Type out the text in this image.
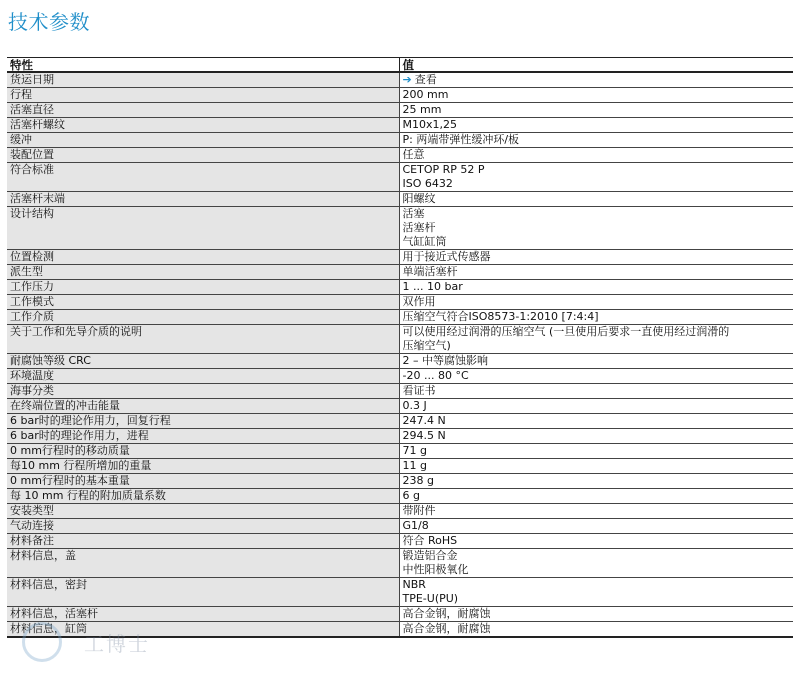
技术参数
特性	值
货运日期	➔ 查看

行程	200 mm

活塞直径	25 mm

活塞杆螺纹	M10x1,25

缓冲	P: 两端带弹性缓冲环/板

装配位置	任意

符合标准	CETOP RP 52 P
ISO 6432

活塞杆末端	阳螺纹

设计结构	活塞
活塞杆
气缸缸筒

位置检测	用于接近式传感器

派生型	单端活塞杆

工作压力	1 ... 10 bar

工作模式	双作用

工作介质	压缩空气符合ISO8573-1:2010 [7:4:4]

关于工作和先导介质的说明	可以使用经过润滑的压缩空气 (一旦使用后要求一直使用经过润滑的
压缩空气)

耐腐蚀等级 CRC	2 – 中等腐蚀影响

环境温度	-20 ... 80 °C

海事分类	看证书

在终端位置的冲击能量	0.3 J

6 bar时的理论作用力，回复行程	247.4 N

6 bar时的理论作用力，进程	294.5 N

0 mm行程时的移动质量	71 g

每10 mm 行程所增加的重量	11 g

0 mm行程时的基本重量	238 g

每 10 mm 行程的附加质量系数	6 g

安装类型	带附件

气动连接	G1/8

材料备注	符合 RoHS

材料信息，盖	锻造铝合金
中性阳极氧化

材料信息，密封	NBR
TPE-U(PU)

材料信息，活塞杆	高合金钢，耐腐蚀

材料信息，缸筒	高合金钢，耐腐蚀
工博士
